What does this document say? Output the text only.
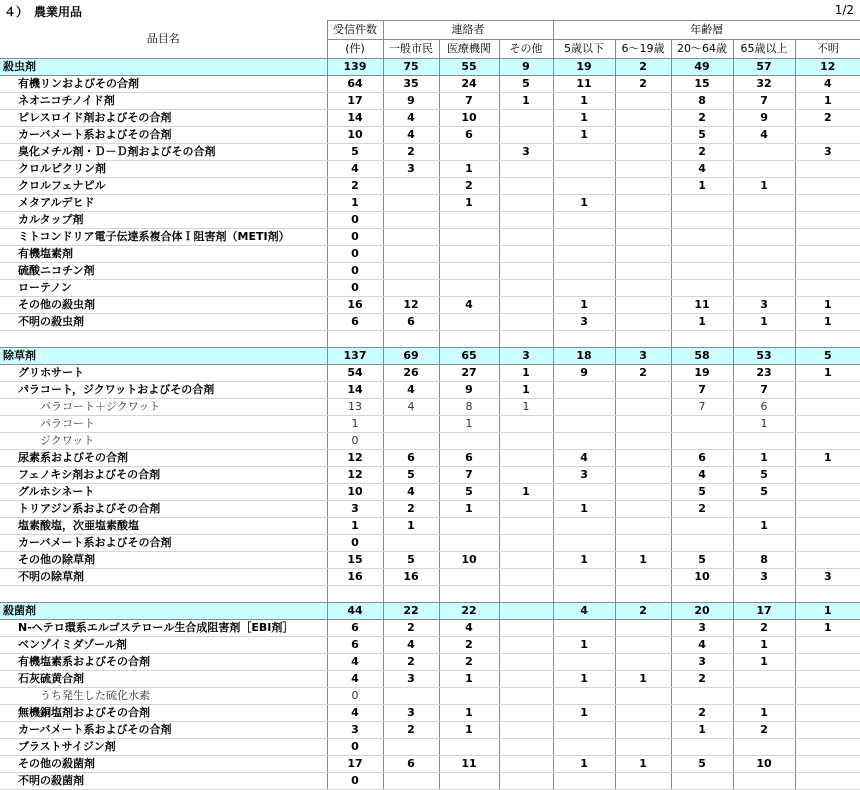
４）　農業用品	1/2
品目名	受信件数	連絡者			年齢層				
	(件)	一般市民	医療機関	その他	5歳以下	6～19歳	20～64歳	65歳以上	不明
殺虫剤	139	75	55	9	19	2	49	57	12
有機リンおよびその合剤	64	35	24	5	11	2	15	32	4
ネオニコチノイド剤	17	9	7	1	1		8	7	1
ピレスロイド剤およびその合剤	14	4	10		1		2	9	2
カーバメート系およびその合剤	10	4	6		1		5	4	
臭化メチル剤・Ｄ－Ｄ剤およびその合剤	5	2		3			2		3
クロルピクリン剤	4	3	1				4		
クロルフェナピル	2		2				1	1	
メタアルデヒド	1		1		1				
カルタップ剤	0								
ミトコンドリア電子伝達系複合体Ｉ阻害剤（METI剤）	0								
有機塩素剤	0								
硫酸ニコチン剤	0								
ローテノン	0								
その他の殺虫剤	16	12	4		1		11	3	1
不明の殺虫剤	6	6			3		1	1	1

除草剤	137	69	65	3	18	3	58	53	5
グリホサート	54	26	27	1	9	2	19	23	1
パラコート，ジクワットおよびその合剤	14	4	9	1			7	7	
パラコート＋ジクワット	13	4	8	1			7	6	
パラコート	1		1					1	
ジクワット	0								
尿素系およびその合剤	12	6	6		4		6	1	1
フェノキシ剤およびその合剤	12	5	7		3		4	5	
グルホシネート	10	4	5	1			5	5	
トリアジン系およびその合剤	3	2	1		1		2		
塩素酸塩，次亜塩素酸塩	1	1						1	
カーバメート系およびその合剤	0								
その他の除草剤	15	5	10		1	1	5	8	
不明の除草剤	16	16					10	3	3

殺菌剤	44	22	22		4	2	20	17	1
N-ヘテロ環系エルゴステロール生合成阻害剤［EBI剤］	6	2	4				3	2	1
ベンゾイミダゾール剤	6	4	2		1		4	1	
有機塩素系およびその合剤	4	2	2				3	1	
石灰硫黄合剤	4	3	1		1	1	2		
うち発生した硫化水素	0								
無機銅塩剤およびその合剤	4	3	1		1		2	1	
カーバメート系およびその合剤	3	2	1				1	2	
ブラストサイジン剤	0								
その他の殺菌剤	17	6	11		1	1	5	10	
不明の殺菌剤	0								
